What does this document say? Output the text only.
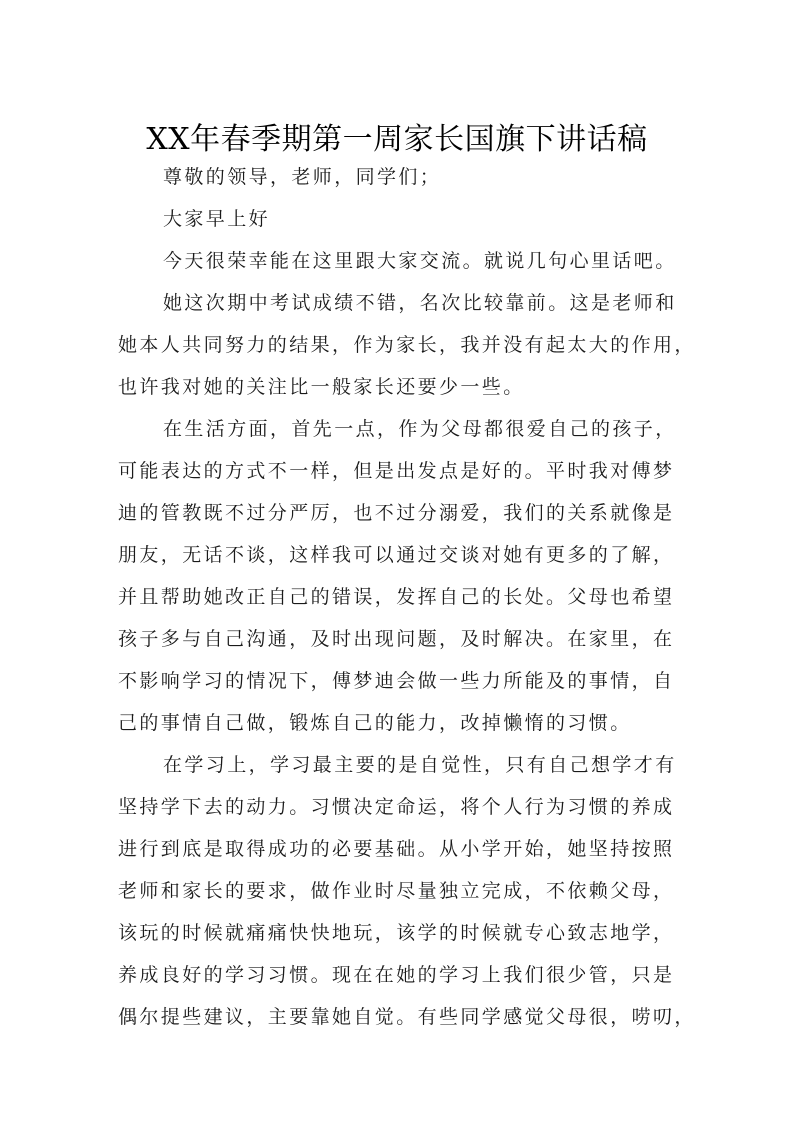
XX年春季期第一周家长国旗下讲话稿
尊敬的领导，老师，同学们；
大家早上好
今天很荣幸能在这里跟大家交流。就说几句心里话吧。
她这次期中考试成绩不错，名次比较靠前。这是老师和
她本人共同努力的结果，作为家长，我并没有起太大的作用，
也许我对她的关注比一般家长还要少一些。
在生活方面，首先一点，作为父母都很爱自己的孩子，
可能表达的方式不一样，但是出发点是好的。平时我对傅梦
迪的管教既不过分严厉，也不过分溺爱，我们的关系就像是
朋友，无话不谈，这样我可以通过交谈对她有更多的了解，
并且帮助她改正自己的错误，发挥自己的长处。父母也希望
孩子多与自己沟通，及时出现问题，及时解决。在家里，在
不影响学习的情况下，傅梦迪会做一些力所能及的事情，自
己的事情自己做，锻炼自己的能力，改掉懒惰的习惯。
在学习上，学习最主要的是自觉性，只有自己想学才有
坚持学下去的动力。习惯决定命运，将个人行为习惯的养成
进行到底是取得成功的必要基础。从小学开始，她坚持按照
老师和家长的要求，做作业时尽量独立完成，不依赖父母，
该玩的时候就痛痛快快地玩，该学的时候就专心致志地学，
养成良好的学习习惯。现在在她的学习上我们很少管，只是
偶尔提些建议，主要靠她自觉。有些同学感觉父母很，唠叨，
